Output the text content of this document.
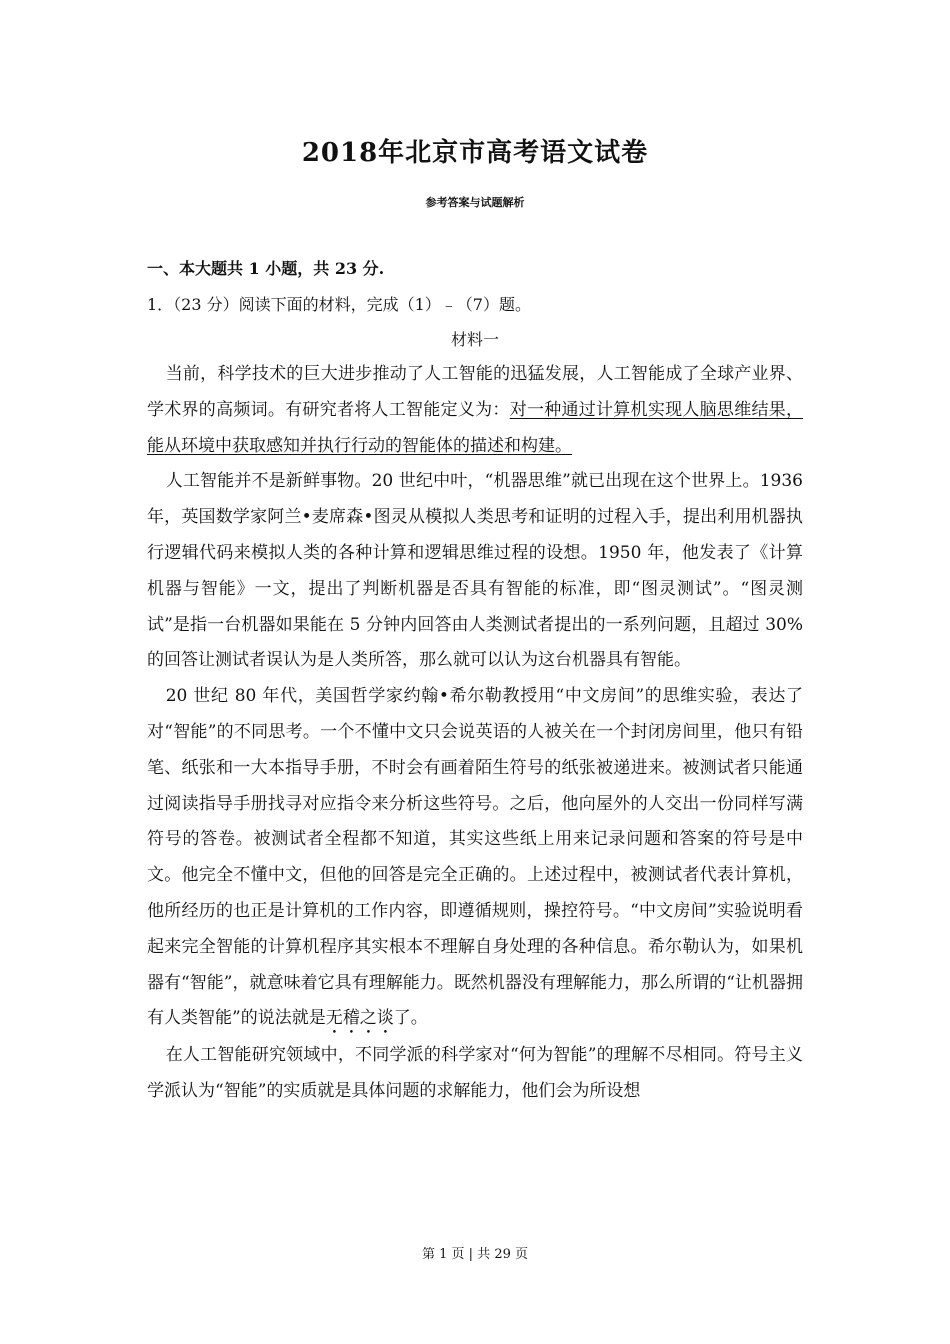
2018年北京市高考语文试卷
参考答案与试题解析
一、本大题共 1 小题，共 23 分.
1．（23 分）阅读下面的材料，完成（1）﹣（7）题。
材料一

当前，科学技术的巨大进步推动了人工智能的迅猛发展，人工智能成了全球产业界、学术界的高频词。有研究者将人工智能定义为：对一种通过计算机实现人脑思维结果，能从环境中获取感知并执行行动的智能体的描述和构建。

人工智能并不是新鲜事物。20 世纪中叶，“机器思维”就已出现在这个世界上。1936 年，英国数学家阿兰•麦席森•图灵从模拟人类思考和证明的过程入手，提出利用机器执行逻辑代码来模拟人类的各种计算和逻辑思维过程的设想。1950 年，他发表了《计算机器与智能》一文，提出了判断机器是否具有智能的标准，即“图灵测试”。“图灵测试”是指一台机器如果能在 5 分钟内回答由人类测试者提出的一系列问题，且超过 30%的回答让测试者误认为是人类所答，那么就可以认为这台机器具有智能。

20 世纪 80 年代，美国哲学家约翰•希尔勒教授用“中文房间”的思维实验，表达了对“智能”的不同思考。一个不懂中文只会说英语的人被关在一个封闭房间里，他只有铅笔、纸张和一大本指导手册，不时会有画着陌生符号的纸张被递进来。被测试者只能通过阅读指导手册找寻对应指令来分析这些符号。之后，他向屋外的人交出一份同样写满符号的答卷。被测试者全程都不知道，其实这些纸上用来记录问题和答案的符号是中文。他完全不懂中文，但他的回答是完全正确的。上述过程中，被测试者代表计算机，他所经历的也正是计算机的工作内容，即遵循规则，操控符号。“中文房间”实验说明看起来完全智能的计算机程序其实根本不理解自身处理的各种信息。希尔勒认为，如果机器有“智能”，就意味着它具有理解能力。既然机器没有理解能力，那么所谓的“让机器拥有人类智能”的说法就是无稽之谈了。

在人工智能研究领域中，不同学派的科学家对“何为智能”的理解不尽相同。符号主义学派认为“智能”的实质就是具体问题的求解能力，他们会为所设想

第 1 页 | 共 29 页
